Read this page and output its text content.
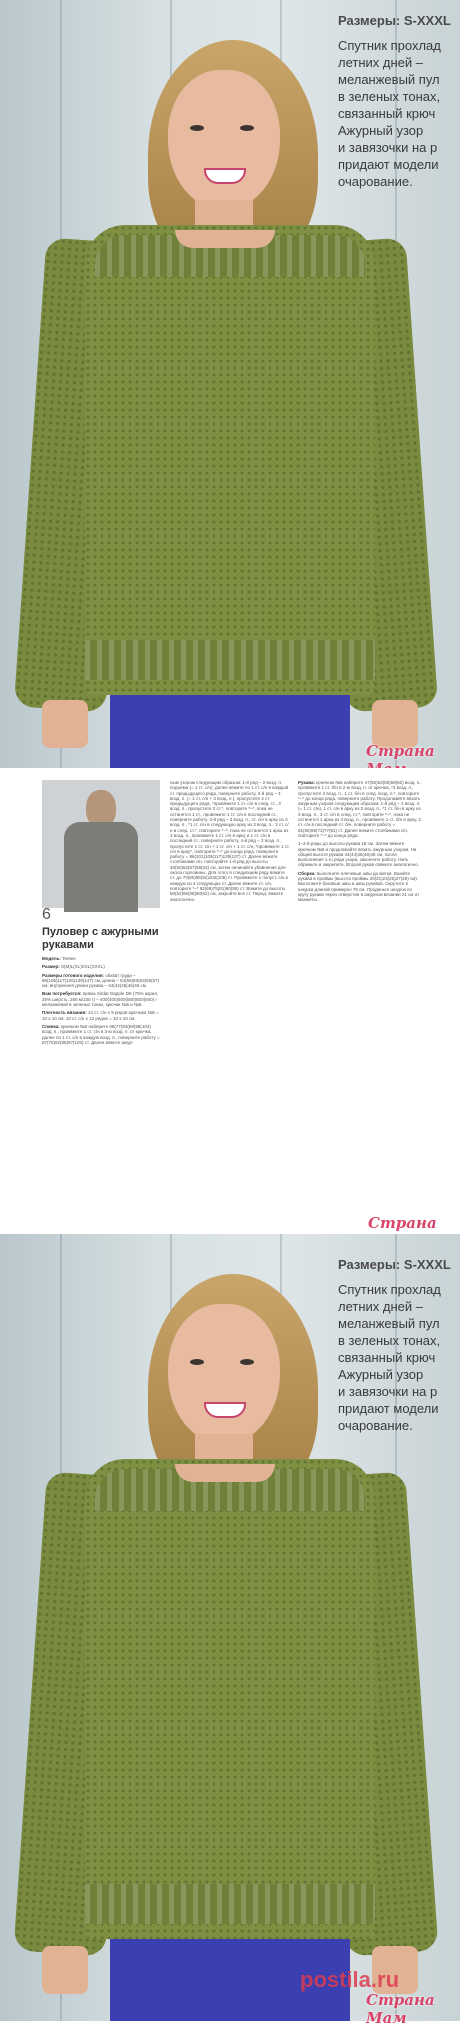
Размеры: S-XXXL
Спутник прохлад
летних дней –
меланжевый пул
в зеленых тонах,
связанный крюч
Ажурный узор
и завязочки на р
придают модели
очарование.
Страна
6
Пуловер с ажурными рукавами

Модель: Teetee

Размер: S(M)L(XL)XXL(XXXL)

Размеры готового изделия: обхват груди – 96(105)117(126)139(147) см, длина – 54(56)60(63)65(67) см, внутренняя длина рукава – 44(44)45(46)46 см.

Вам потребуется: пряжа Sirdar Dapple DK (75% акрил, 25% шерсть, 260 м/100 г) – 400(400)500(500)600(600) г меланжевой в зеленых тонах, крючки №5 и №6.

Плотность вязания: 14 ст. с/н x 9 рядов крючком №5 = 10 x 10 см; 10 ст. с/н x 12 рядов = 10 x 10 см.

Спинка: крючком №5 наберите 68(77)83(89)98(104) возд. п., провяжите 1 ст. с/н в 3-ю возд. п. от крючка, далее по 1 ст. с/н в каждую возд. п., поверните работу = 67(76)82(88)97(103) ст. Далее вяжите ажур-

ным узором следующим образом: 1-й ряд – 2 возд. п. подъема (= 1 ст. с/н), далее вяжите по 1 ст. с/н в каждый ст. предыдущего ряда, поверните работу. 2-й ряд – 4 возд. п. (= 1 ст. с/н + 3 возд. п.), пропустите 2 ст. предыдущего ряда, *провяжите 1 ст. с/н в след. ст., 3 возд. п., пропустите 2 ст.*, повторите *–*, пока не останется 1 ст., провяжите 1 ст. с/н в последний ст., поверните работу. 3-й ряд – 3 возд. п., ст. с/н в арку из 3 возд. п., *1 ст. с/н в следующую арку из 3 возд. п., 3 ст. с/н в след. ст.*, повторите *–*, пока не останется 1 арка из 3 возд. п., провяжите 1 ст. с/н в арку и 1 ст. с/н в последний ст., поверните работу. 4-й ряд – 3 возд. п., пропустите 1 ст. с/н + 1 ст. с/н + 1 ст. с/н, *провяжите 1 ст. с/н в арку*, повторите *–* до конца ряда, поверните работу = 86(101)109(117)129(137) ст. Далее вяжите столбиками с/н, повторяйте 1-й ряд до высоты 40(50)52(57)59(63) см, затем начинайте убавления для окола горловины. Для этого в следующем ряду вяжите ст. до 70(80)85(92)102(108) ст. Провяжите 1 полуст. с/н в каждую из 4 следующих ст. Далее вяжите ст. с/н, повторите *–* 62(69)75(81)90(95) ст. Вяжите до высоты 50(52)55(58)60(62) см, закройте все ст. Перед: вяжите аналогично.

Рукава: крючком №6 наберите 47(50)53(56)59(62) возд. п., провяжите 1 ст. б/н в 2-ю возд. п. от крючка, *3 возд. п., пропустите 2 возд. п., 1 ст. б/н в след. возд. п.*, повторите *–* до конца ряда, поверните работу. Продолжайте вязать ажурным узором следующим образом: 1-й ряд – 2 возд. п. (= 1 ст. с/н), 1 ст. с/н в арку из 2 возд. п., *1 ст. б/н в арку из 3 возд. п., 3 ст. с/н в след. ст.*, повторите *–*, пока не останется 1 арка из 3 возд. п., провяжите 1 ст. б/н в арку, 2 ст. с/н в последний ст. б/н, поверните работу = 61(65)69(73)77(81) ст. Далее вяжите столбиками с/н, повторите *–* до конца ряда.

1–2-й ряды до высоты рукава 18 см. Затем вяжите крючком №5 и продолжайте вязать ажурным узором. На общей высоте рукава 44(44)45(46)46 см, после выполнения 1-го ряда узора, закончите работу. Нить обрежьте и закрепите. Второй рукав свяжите аналогично.

Сборка: выполните плечевые швы до метки. Вшейте рукава в проймы (высота проймы 20(21)23(25)27(28) см). Выполните боковые швы и швы рукавов. Скрутите 2 шнурка длиной примерно 76 см. Проденьте шнурок по кругу рукава через отверстия в ажурном вязании 21 см от манжеты.

Страна
Размеры: S-XXXL
Спутник прохлад
летних дней –
меланжевый пул
в зеленых тонах,
связанный крюч
Ажурный узор
и завязочки на р
придают модели
очарование.
postila.ru
Страна Мам
